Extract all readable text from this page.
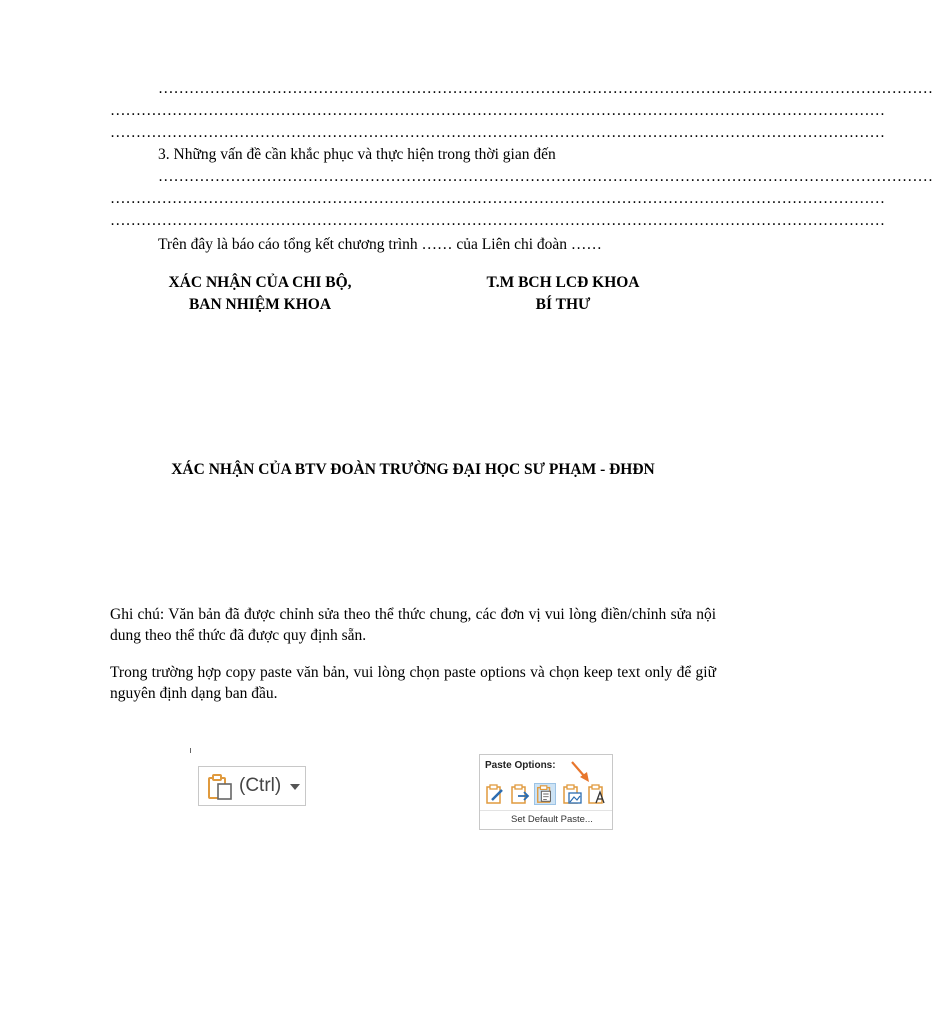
……………………………………………………………………………………………………………………………………
……………………………………………………………………………………………………………………………………
……………………………………………………………………………………………………………………………………
3. Những vấn đề cần khắc phục và thực hiện trong thời gian đến
……………………………………………………………………………………………………………………………………
……………………………………………………………………………………………………………………………………
……………………………………………………………………………………………………………………………………
Trên đây là báo cáo tổng kết chương trình …… của Liên chi đoàn ……
XÁC NHẬN CỦA CHI BỘ,
BAN NHIỆM KHOA
T.M BCH LCĐ KHOA
BÍ THƯ
XÁC NHẬN CỦA BTV ĐOÀN TRƯỜNG ĐẠI HỌC SƯ PHẠM - ĐHĐN
Ghi chú: Văn bản đã được chỉnh sửa theo thể thức chung, các đơn vị vui lòng điền/chỉnh sửa nội dung theo thể thức đã được quy định sẵn.
Trong trường hợp copy paste văn bản, vui lòng chọn paste options và chọn keep text only để giữ nguyên định dạng ban đầu.
(Ctrl)
Paste Options:
Set Default Paste...
